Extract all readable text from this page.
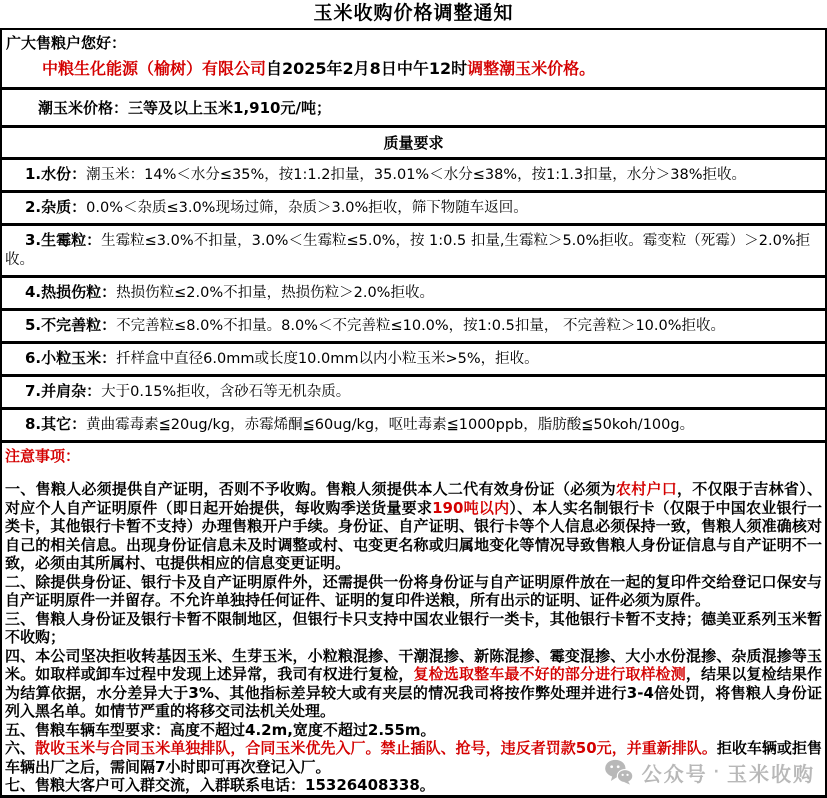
玉米收购价格调整通知
广大售粮户您好：
中粮生化能源（榆树）有限公司自2025年2月8日中午12时调整潮玉米价格。
潮玉米价格：三等及以上玉米1,910元/吨；
质量要求

1.水份：潮玉米：14%＜水分≤35%，按1:1.2扣量，35.01%＜水分≤38%，按1:1.3扣量，水分＞38%拒收。

2.杂质：0.0%＜杂质≤3.0%现场过筛，杂质＞3.0%拒收，筛下物随车返回。

3.生霉粒：生霉粒≤3.0%不扣量，3.0%＜生霉粒≤5.0%，按 1:0.5 扣量,生霉粒＞5.0%拒收。霉变粒（死霉）＞2.0%拒收。

4.热损伤粒：热损伤粒≤2.0%不扣量，热损伤粒＞2.0%拒收。

5.不完善粒：不完善粒≤8.0%不扣量。8.0%＜不完善粒≤10.0%，按1:0.5扣量， 不完善粒＞10.0%拒收。

6.小粒玉米：扦样盒中直径6.0mm或长度10.0mm以内小粒玉米>5%，拒收。

7.并肩杂：大于0.15%拒收，含砂石等无机杂质。

8.其它：黄曲霉毒素≦20ug/kg，赤霉烯酮≦60ug/kg，呕吐毒素≦1000ppb，脂肪酸≦50koh/100g。

注意事项：

一、售粮人必须提供自产证明，否则不予收购。售粮人须提供本人二代有效身份证（必须为农村户口，不仅限于吉林省）、对应个人自产证明原件（即日起开始提供，每收购季送货量要求190吨以内）、本人实名制银行卡（仅限于中国农业银行一类卡，其他银行卡暂不支持）办理售粮开户手续。身份证、自产证明、银行卡等个人信息必须保持一致，售粮人须准确核对自己的相关信息。出现身份证信息未及时调整或村、屯变更名称或归属地变化等情况导致售粮人身份证信息与自产证明不一致，必须由其所属村、屯提供相应的信息变更证明。

二、除提供身份证、银行卡及自产证明原件外，还需提供一份将身份证与自产证明原件放在一起的复印件交给登记口保安与自产证明原件一并留存。不允许单独持任何证件、证明的复印件送粮，所有出示的证明、证件必须为原件。

三、售粮人身份证及银行卡暂不限制地区，但银行卡只支持中国农业银行一类卡，其他银行卡暂不支持；德美亚系列玉米暂不收购；

四、本公司坚决拒收转基因玉米、生芽玉米，小粒粮混掺、干潮混掺、新陈混掺、霉变混掺、大小水份混掺、杂质混掺等玉米。如取样或卸车过程中发现上述异常，我司有权进行复检，复检选取整车最不好的部分进行取样检测，结果以复检结果作为结算依据，水分差异大于3%、其他指标差异较大或有夹层的情况我司将按作弊处理并进行3-4倍处罚，将售粮人身份证列入黑名单。如情节严重的将移交司法机关处理。

五、售粮车辆车型要求：高度不超过4.2m,宽度不超过2.55m。

六、散收玉米与合同玉米单独排队，合同玉米优先入厂。禁止插队、抢号，违反者罚款50元，并重新排队。拒收车辆或拒售车辆出厂之后，需间隔7小时即可再次登记入厂。

七、售粮大客户可入群交流，入群联系电话：15326408338。	公众号 · 玉米收购
